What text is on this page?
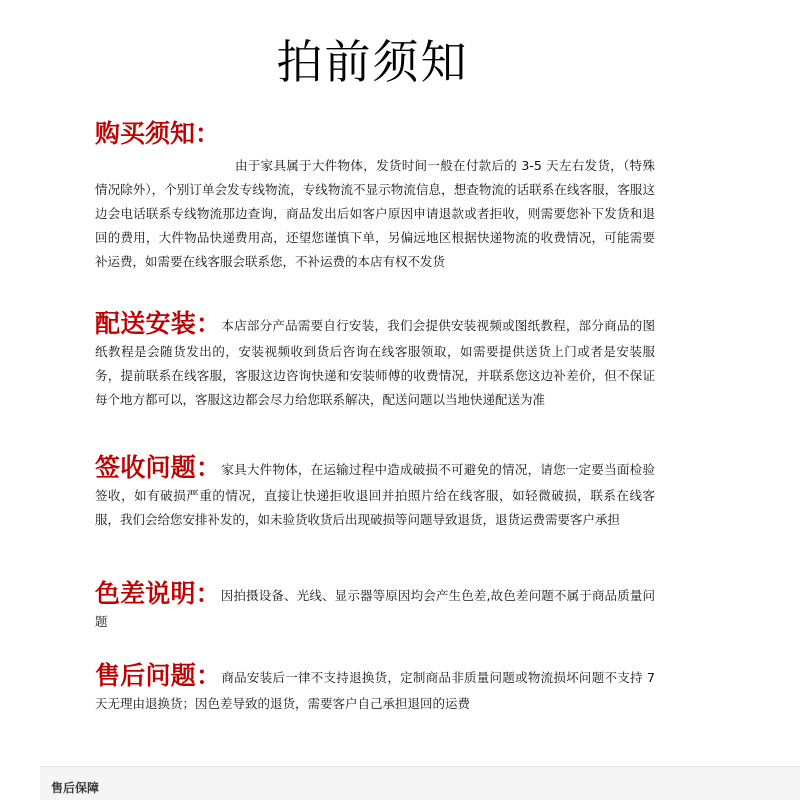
拍前须知
购买须知：
由于家具属于大件物体，发货时间一般在付款后的 3-5 天左右发货，（特殊情况除外），个别订单会发专线物流，专线物流不显示物流信息，想查物流的话联系在线客服，客服这边会电话联系专线物流那边查询，商品发出后如客户原因申请退款或者拒收，则需要您补下发货和退回的费用，大件物品快递费用高，还望您谨慎下单，另偏远地区根据快递物流的收费情况，可能需要补运费，如需要在线客服会联系您，不补运费的本店有权不发货
配送安装：本店部分产品需要自行安装，我们会提供安装视频或图纸教程，部分商品的图纸教程是会随货发出的，安装视频收到货后咨询在线客服领取，如需要提供送货上门或者是安装服务，提前联系在线客服，客服这边咨询快递和安装师傅的收费情况，并联系您这边补差价，但不保证每个地方都可以，客服这边都会尽力给您联系解决，配送问题以当地快递配送为准
签收问题：家具大件物体，在运输过程中造成破损不可避免的情况，请您一定要当面检验签收，如有破损严重的情况，直接让快递拒收退回并拍照片给在线客服，如轻微破损，联系在线客服，我们会给您安排补发的，如未验货收货后出现破损等问题导致退货，退货运费需要客户承担
色差说明：因拍摄设备、光线、显示器等原因均会产生色差,故色差问题不属于商品质量问题
售后问题：商品安装后一律不支持退换货，定制商品非质量问题或物流损坏问题不支持 7 天无理由退换货；因色差导致的退货，需要客户自己承担退回的运费
售后保障
